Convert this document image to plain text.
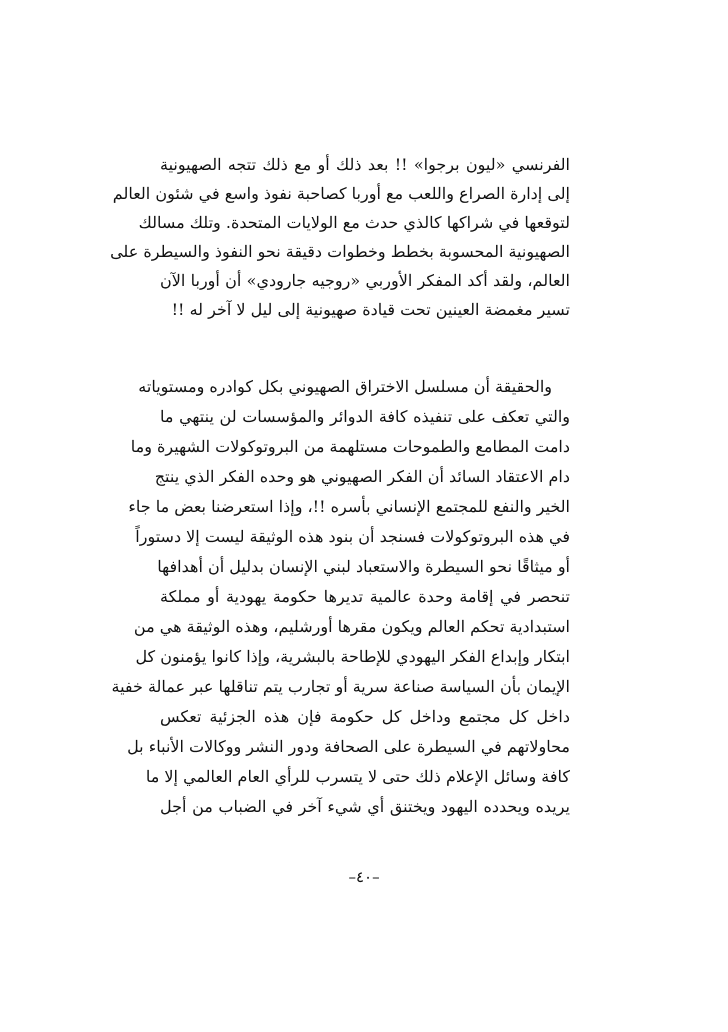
الفرنسي «ليون برجوا» !! بعد ذلك أو مع ذلك تتجه الصهيونية
إلى إدارة الصراع واللعب مع أوربا كصاحبة نفوذ واسع في شئون العالم
لتوقعها في شراكها كالذي حدث مع الولايات المتحدة. وتلك مسالك
الصهيونية المحسوبة بخطط وخطوات دقيقة نحو النفوذ والسيطرة على
العالم، ولقد أكد المفكر الأوربي «روجيه جارودي» أن أوربا الآن
تسير مغمضة العينين تحت قيادة صهيونية إلى ليل لا آخر له !!
والحقيقة أن مسلسل الاختراق الصهيوني بكل كوادره ومستوياته
والتي تعكف على تنفيذه كافة الدوائر والمؤسسات لن ينتهي ما
دامت المطامع والطموحات مستلهمة من البروتوكولات الشهيرة وما
دام الاعتقاد السائد أن الفكر الصهيوني هو وحده الفكر الذي ينتج
الخير والنفع للمجتمع الإنساني بأسره !!، وإذا استعرضنا بعض ما جاء
في هذه البروتوكولات فسنجد أن بنود هذه الوثيقة ليست إلا دستوراً
أو ميثاقًا نحو السيطرة والاستعباد لبني الإنسان بدليل أن أهدافها
تنحصر في إقامة وحدة عالمية تديرها حكومة يهودية أو مملكة
استبدادية تحكم العالم ويكون مقرها أورشليم، وهذه الوثيقة هي من
ابتكار وإبداع الفكر اليهودي للإطاحة بالبشرية، وإذا كانوا يؤمنون كل
الإيمان بأن السياسة صناعة سرية أو تجارب يتم تناقلها عبر عمالة خفية
داخل كل مجتمع وداخل كل حكومة فإن هذه الجزئية تعكس
محاولاتهم في السيطرة على الصحافة ودور النشر ووكالات الأنباء بل
كافة وسائل الإعلام ذلك حتى لا يتسرب للرأي العام العالمي إلا ما
يريده ويحدده اليهود ويختنق أي شيء آخر في الضباب من أجل
–٤٠–
